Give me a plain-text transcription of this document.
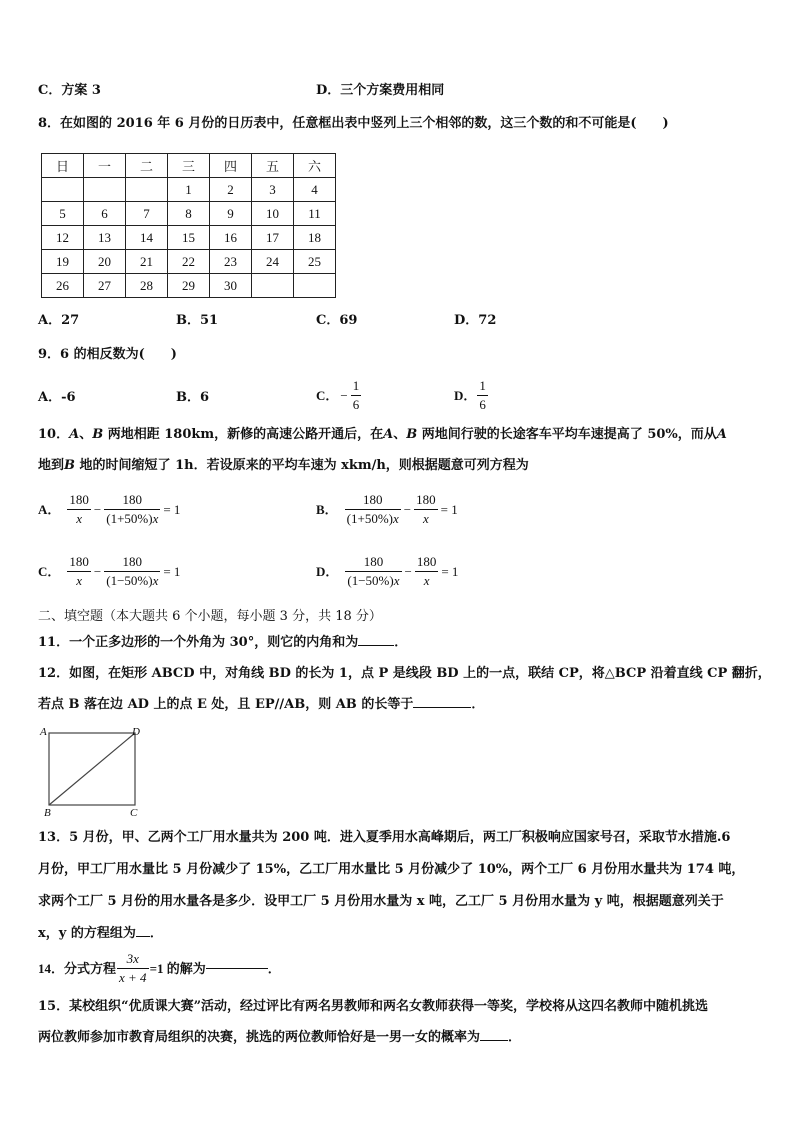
C．方案 3	D．三个方案费用相同
8．在如图的 2016 年 6 月份的日历表中，任意框出表中竖列上三个相邻的数，这三个数的和不可能是(　　)
日	一	二	三	四	五	六
			1	2	3	4
5	6	7	8	9	10	11
12	13	14	15	16	17	18
19	20	21	22	23	24	25
26	27	28	29	30		
A．27	B．51	C．69	D．72
9．6 的相反数为(　　)
A．-6	B．6	C． − $\frac{1}{6}$	D． $\frac{1}{6}$
10．A、B 两地相距 180km，新修的高速公路开通后，在A、B 两地间行驶的长途客车平均车速提高了 50%，而从A
地到B 地的时间缩短了 1h．若设原来的平均车速为 xkm/h，则根据题意可列方程为
A． $\frac{180}{x} - \frac{180}{(1+50\%)x} = 1$	B． $\frac{180}{(1+50\%)x} - \frac{180}{x} = 1$
C． $\frac{180}{x} - \frac{180}{(1-50\%)x} = 1$	D． $\frac{180}{(1-50\%)x} - \frac{180}{x} = 1$
二、填空题（本大题共 6 个小题，每小题 3 分，共 18 分）
11．一个正多边形的一个外角为 30°，则它的内角和为	．
12．如图，在矩形 ABCD 中，对角线 BD 的长为 1，点 P 是线段 BD 上的一点，联结 CP，将△BCP 沿着直线 CP 翻折，
若点 B 落在边 AD 上的点 E 处，且 EP//AB，则 AB 的长等于	．
A	D
B	C
13．5 月份，甲、乙两个工厂用水量共为 200 吨．进入夏季用水高峰期后，两工厂积极响应国家号召，采取节水措施.6
月份，甲工厂用水量比 5 月份减少了 15%，乙工厂用水量比 5 月份减少了 10%，两个工厂 6 月份用水量共为 174 吨，
求两个工厂 5 月份的用水量各是多少．设甲工厂 5 月份用水量为 x 吨，乙工厂 5 月份用水量为 y 吨，根据题意列关于
x，y 的方程组为 ．
14．分式方程 $\frac{3x}{x + 4} =1$ 的解为	．
15．某校组织“优质课大赛”活动，经过评比有两名男教师和两名女教师获得一等奖，学校将从这四名教师中随机挑选
两位教师参加市教育局组织的决赛，挑选的两位教师恰好是一男一女的概率为 ．
